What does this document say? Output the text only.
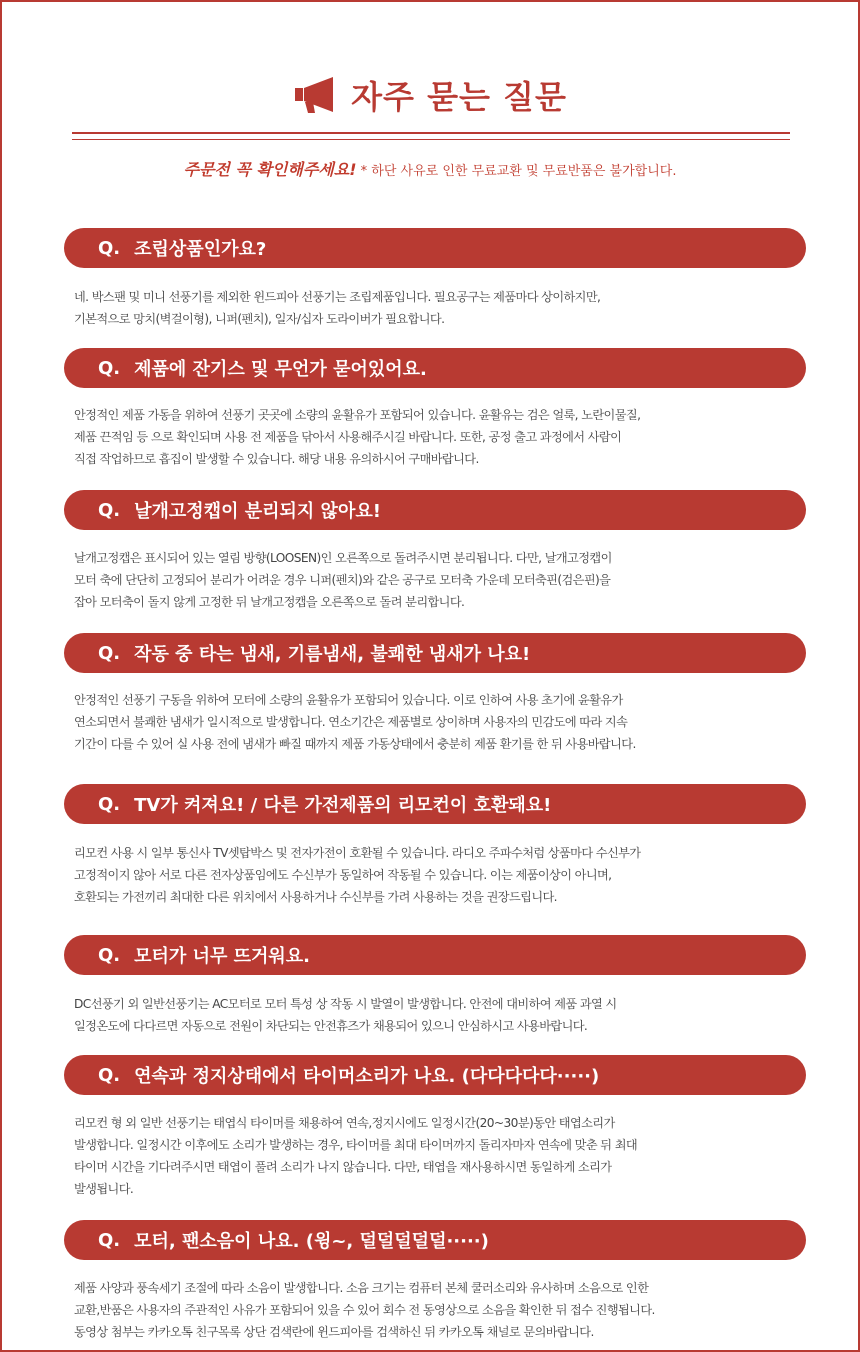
자주 묻는 질문
주문전 꼭 확인해주세요! * 하단 사유로 인한 무료교환 및 무료반품은 불가합니다.
Q. 조립상품인가요?
네. 박스팬 및 미니 선풍기를 제외한 윈드피아 선풍기는 조립제품입니다. 필요공구는 제품마다 상이하지만,
기본적으로 망치(벽걸이형), 니퍼(펜치), 일자/십자 도라이버가 필요합니다.
Q. 제품에 잔기스 및 무언가 묻어있어요.
안정적인 제품 가동을 위하여 선풍기 곳곳에 소량의 윤활유가 포함되어 있습니다. 윤활유는 검은 얼룩, 노란이물질,
제품 끈적임 등 으로 확인되며 사용 전 제품을 닦아서 사용해주시길 바랍니다. 또한, 공정 출고 과정에서 사람이
직접 작업하므로 흡집이 발생할 수 있습니다. 해당 내용 유의하시어 구매바랍니다.
Q. 날개고정캡이 분리되지 않아요!
날개고정캡은 표시되어 있는 열림 방향(LOOSEN)인 오른쪽으로 돌려주시면 분리됩니다. 다만, 날개고정캡이
모터 축에 단단히 고정되어 분리가 어려운 경우 니퍼(펜치)와 같은 공구로 모터축 가운데 모터축핀(검은핀)을
잡아 모터축이 돌지 않게 고정한 뒤 날개고정캡을 오른쪽으로 돌려 분리합니다.
Q. 작동 중 타는 냄새, 기름냄새, 불쾌한 냄새가 나요!
안정적인 선풍기 구동을 위하여 모터에 소량의 윤활유가 포함되어 있습니다. 이로 인하여 사용 초기에 윤활유가
연소되면서 불쾌한 냄새가 일시적으로 발생합니다. 연소기간은 제품별로 상이하며 사용자의 민감도에 따라 지속
기간이 다를 수 있어 실 사용 전에 냄새가 빠질 때까지 제품 가동상태에서 충분히 제품 환기를 한 뒤 사용바랍니다.
Q. TV가 켜져요! / 다른 가전제품의 리모컨이 호환돼요!
리모컨 사용 시 일부 통신사 TV셋탑박스 및 전자가전이 호환될 수 있습니다. 라디오 주파수처럼 상품마다 수신부가
고정적이지 않아 서로 다른 전자상품임에도 수신부가 동일하여 작동될 수 있습니다. 이는 제품이상이 아니며,
호환되는 가전끼리 최대한 다른 위치에서 사용하거나 수신부를 가려 사용하는 것을 권장드립니다.
Q. 모터가 너무 뜨거워요.
DC선풍기 외 일반선풍기는 AC모터로 모터 특성 상 작동 시 발열이 발생합니다. 안전에 대비하여 제품 과열 시
일정온도에 다다르면 자동으로 전원이 차단되는 안전휴즈가 채용되어 있으니 안심하시고 사용바랍니다.
Q. 연속과 정지상태에서 타이머소리가 나요. (다다다다다·····)
리모컨 형 외 일반 선풍기는 태엽식 타이머를 채용하여 연속,정지시에도 일정시간(20~30분)동안 태엽소리가
발생합니다. 일정시간 이후에도 소리가 발생하는 경우, 타이머를 최대 타이머까지 돌리자마자 연속에 맞춘 뒤 최대
타이머 시간을 기다려주시면 태엽이 풀려 소리가 나지 않습니다. 다만, 태엽을 재사용하시면 동일하게 소리가
발생됩니다.
Q. 모터, 팬소음이 나요. (윙~, 덜덜덜덜덜·····)
제품 사양과 풍속세기 조절에 따라 소음이 발생합니다. 소음 크기는 컴퓨터 본체 쿨러소리와 유사하며 소음으로 인한
교환,반품은 사용자의 주관적인 사유가 포함되어 있을 수 있어 회수 전 동영상으로 소음을 확인한 뒤 접수 진행됩니다.
동영상 첨부는 카카오톡 친구목록 상단 검색란에 윈드피아를 검색하신 뒤 카카오톡 채널로 문의바랍니다.
